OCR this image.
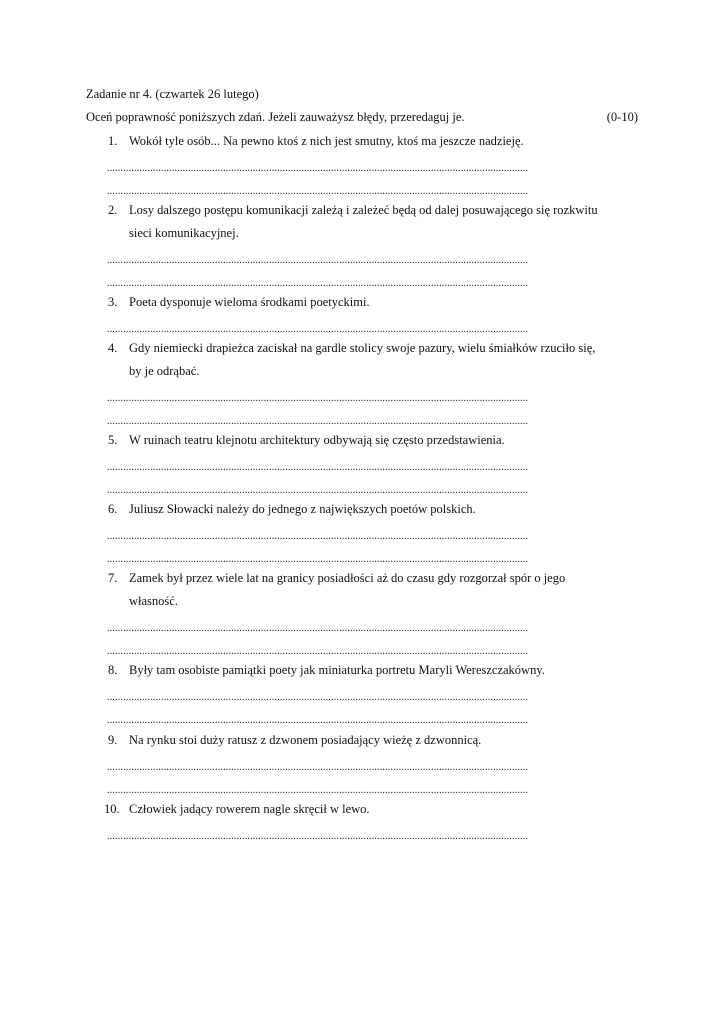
Zadanie nr 4. (czwartek 26 lutego)
Oceń poprawność poniższych zdań. Jeżeli zauważysz błędy, przeredaguj je.	(0-10)
1. Wokół tyle osób... Na pewno ktoś z nich jest smutny, ktoś ma jeszcze nadzieję.
............................................................................................................................................................
............................................................................................................................................................
2. Losy dalszego postępu komunikacji zależą i zależeć będą od dalej posuwającego się rozkwitu
sieci komunikacyjnej.
............................................................................................................................................................
............................................................................................................................................................
3. Poeta dysponuje wieloma środkami poetyckimi.
............................................................................................................................................................
4. Gdy niemiecki drapieżca zaciskał na gardle stolicy swoje pazury, wielu śmiałków rzuciło się,
by je odrąbać.
............................................................................................................................................................
............................................................................................................................................................
5. W ruinach teatru klejnotu architektury odbywają się często przedstawienia.
............................................................................................................................................................
............................................................................................................................................................
6. Juliusz Słowacki należy do jednego z największych poetów polskich.
............................................................................................................................................................
............................................................................................................................................................
7. Zamek był przez wiele lat na granicy posiadłości aż do czasu gdy rozgorzał spór o jego
własność.
............................................................................................................................................................
............................................................................................................................................................
8. Były tam osobiste pamiątki poety jak miniaturka portretu Maryli Wereszczakówny.
............................................................................................................................................................
............................................................................................................................................................
9. Na rynku stoi duży ratusz z dzwonem posiadający wieżę z dzwonnicą.
............................................................................................................................................................
............................................................................................................................................................
10. Człowiek jadący rowerem nagle skręcił w lewo.
............................................................................................................................................................
